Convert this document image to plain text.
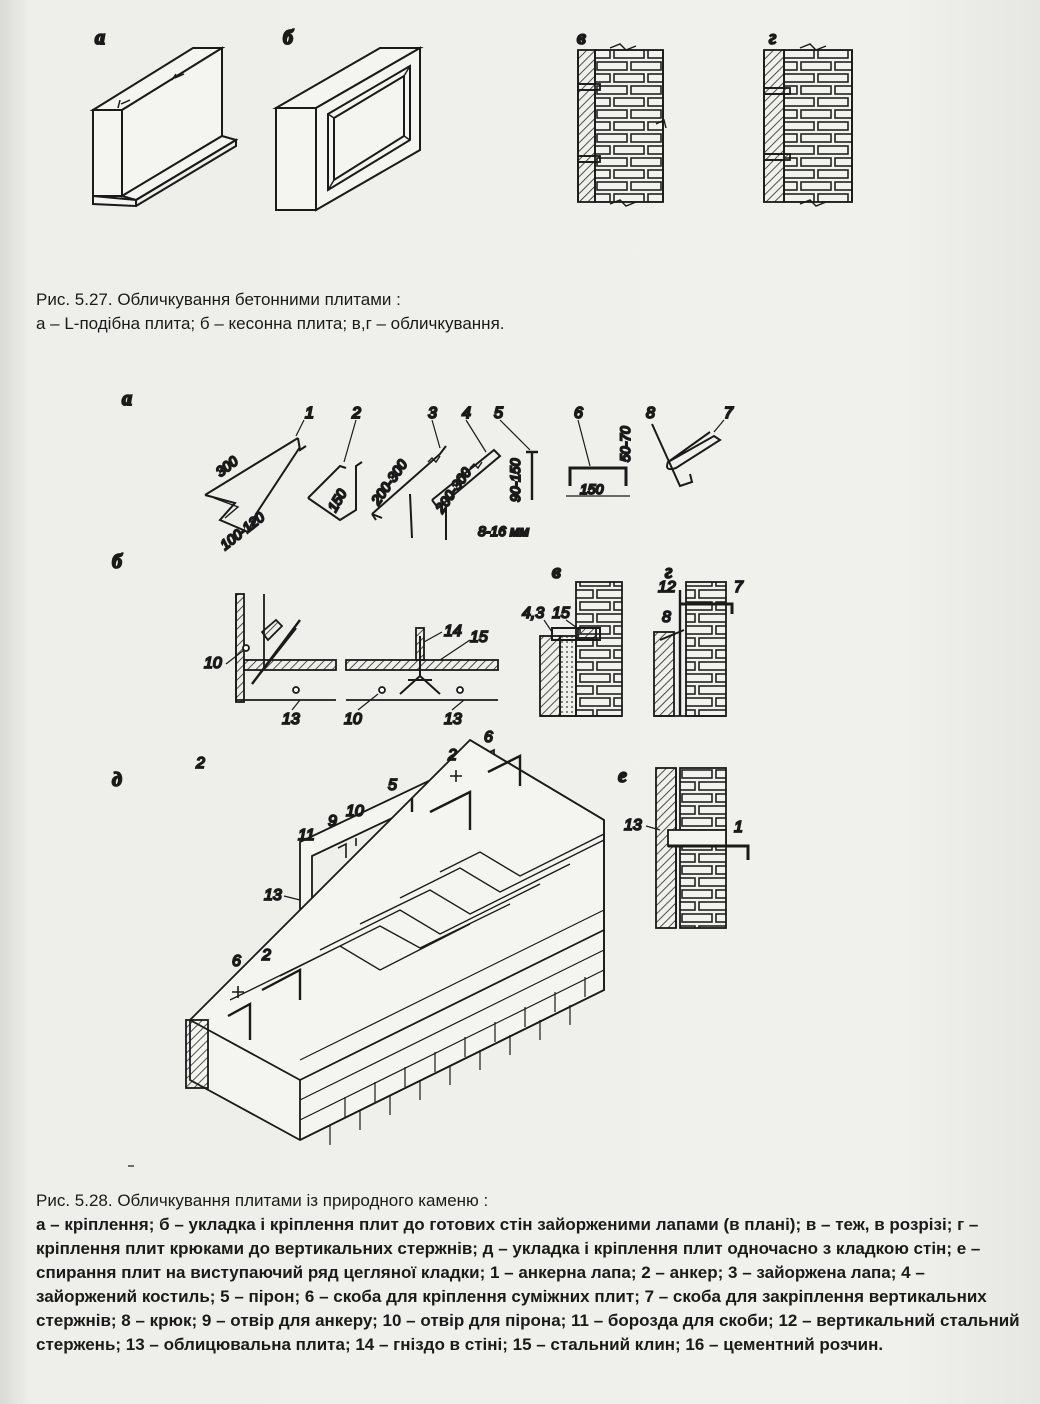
а	б	в	г
а
1
300
100-120
2
150
3
200-300
4
200-300
8-16 мм
5
90-150
6
150
50-70
8	7
б
10
13	10	13
14 15
в
4,3 15
г
12	7
8
д
2
6
2
5
10
9
11
13
6 2
е
13	1
Рис. 5.27. Обличкування бетонними плитами :
а – L-подібна плита; б – кесонна плита; в,г – обличкування.
Рис. 5.28. Обличкування плитами із природного каменю :
а – кріплення; б – укладка і кріплення плит до готових стін зайорженими лапами (в плані); в – теж, в розрізі; г – кріплення плит крюками до вертикальних стержнів; д – укладка і кріплення плит одночасно з кладкою стін; е – спирання плит на виступаючий ряд цегляної кладки; 1 – анкерна лапа; 2 – анкер; 3 – зайоржена лапа; 4 – зайоржений костиль; 5 – пірон; 6 – скоба для кріплення суміжних плит; 7 – скоба для закріплення вертикальних стержнів; 8 – крюк; 9 – отвір для анкеру; 10 – отвір для пірона; 11 – борозда для скоби; 12 – вертикальний стальний стержень; 13 – облицювальна плита; 14 – гніздо в стіні; 15 – стальний клин; 16 – цементний розчин.
